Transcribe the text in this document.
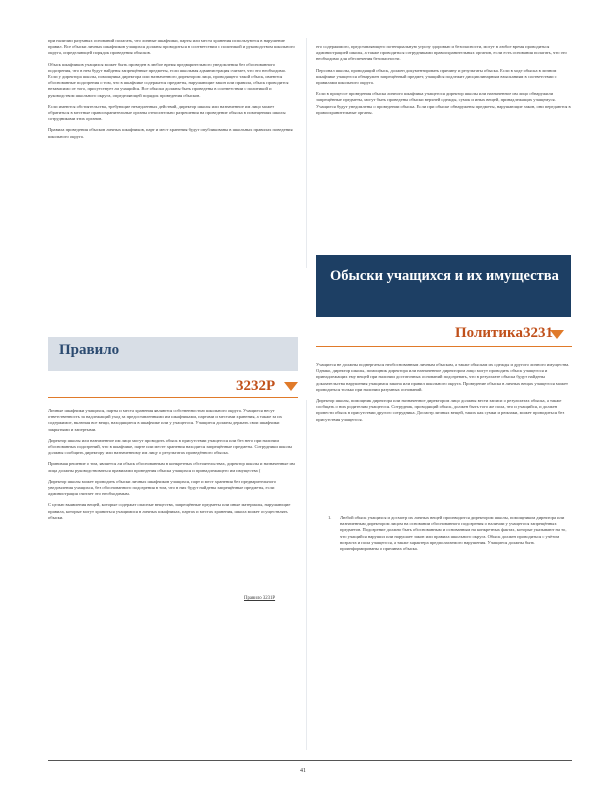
при наличии разумных оснований полагать, что личные шкафчики, парты или места хранения используются в нарушение правил. Все обыски личных шкафчиков учащихся должны проводиться в соответствии с политикой и руководством школьного округа, определяющей порядок проведения обысков.

Обыск шкафчиков учащихся может быть проведен в любое время предварительного уведомления без обоснованного подозрения, что в нем будут найдены запрещённые предметы, если школьная администрация считает, что это необходимо. Если у директора школы, помощника директора или назначенного директором лица, проводящего такой обыск, имеются обоснованные подозрения о том, что в шкафчике содержатся предметы, нарушающие закон или правила, обыск проводится независимо от того, присутствует ли учащийся. Все обыски должны быть проведены в соответствии с политикой и руководством школьного округа, определяющей порядок проведения обысков.

Если имеются обстоятельства, требующие немедленных действий, директор школы или назначенное им лицо может обратиться в местные правоохранительные органы относительно разрешения на проведение обыска в помещениях школы сотрудниками этих органов.

Правила проведения обысков личных шкафчиков, парт и мест хранения будут опубликованы в школьных правилах поведения школьного округа.

Правило
3232Р

Личные шкафчики учащихся, парты и места хранения являются собственностью школьного округа. Учащиеся несут ответственность за надлежащий уход за предоставленными им шкафчиками, партами и местами хранения, а также за их содержимое, включая все вещи, находящиеся в шкафчике или у учащегося. Учащиеся должны держать свои шкафчики закрытыми и запертыми.

Директор школы или назначенное им лицо могут проводить обыск в присутствии учащегося или без него при наличии обоснованных подозрений, что в шкафчике, парте или месте хранения находятся запрещённые предметы. Сотрудники школы должны сообщить директору или назначенному им лицу о результатах проведённого обыска.

Принимая решение о том, является ли обыск обоснованным в конкретных обстоятельствах, директор школы и назначенные им лица должны руководствоваться правилами проведения обыска учащихся и принадлежащего им имущества (

Директор школы может проводить обыски личных шкафчиков учащихся, парт и мест хранения без предварительного уведомления учащихся, без обоснованного подозрения в том, что в них будут найдены запрещённые предметы, если администрация считает это необходимым.

С целью выявления вещей, которые содержат опасные вещества, запрещённые предметы или иные материалы, нарушающие правила, которые могут храниться учащимися в личных шкафчиках, партах и местах хранения, школа может осуществлять обыски.

Правило 3231Р

его содержимого, представляющего потенциальную угрозу здоровью и безопасности, могут в любое время проводиться администрацией школы, а также проводиться сотрудниками правоохранительных органов, если есть основания полагать, что это необходимо для обеспечения безопасности.

Персонал школы, проводящий обыск, должен документировать причину и результаты обыска. Если в ходе обыска в личном шкафчике учащегося обнаружен запрещённый предмет, учащийся подлежит дисциплинарным взысканиям в соответствии с правилами школьного округа.

Если в процессе проведения обыска личного шкафчика учащегося директор школы или назначенное им лицо обнаружили запрещённые предметы, могут быть проведены обыски верхней одежды, сумок и иных вещей, принадлежащих учащемуся. Учащиеся будут уведомлены о проведении обыска. Если при обыске обнаружены предметы, нарушающие закон, они передаются в правоохранительные органы.

Обыски учащихся и их имущества
Политика3231

Учащиеся не должны подвергаться необоснованным личным обыскам, а также обыскам их одежды и другого личного имущества. Однако, директор школы, помощник директора или назначенное директором лицо могут проводить обыск учащегося и принадлежащих ему вещей при наличии достаточных оснований подозревать, что в результате обыска будут найдены доказательства нарушения учащимся закона или правил школьного округа. Проведение обыска в личных вещах учащегося может проводиться только при наличии разумных оснований.

Директор школы, помощник директора или назначенное директором лицо должны вести записи о результатах обыска, а также сообщать о них родителям учащегося. Сотрудник, проводящий обыск, должен быть того же пола, что и учащийся, и должен провести обыск в присутствии другого сотрудника. Досмотр личных вещей, таких как сумки и рюкзаки, может проводиться без присутствия учащегося.

1. Любой обыск учащихся и досмотр их личных вещей производится директором школы, помощником директора или назначенным директором лицом на основании обоснованного подозрения о наличии у учащегося запрещённых предметов. Подозрение должно быть обоснованным и основанным на конкретных фактах, которые указывают на то, что учащийся нарушил или нарушает закон или правила школьного округа. Обыск должен проводиться с учётом возраста и пола учащегося, а также характера предполагаемого нарушения. Учащиеся должны быть проинформированы о причинах обыска.
41
